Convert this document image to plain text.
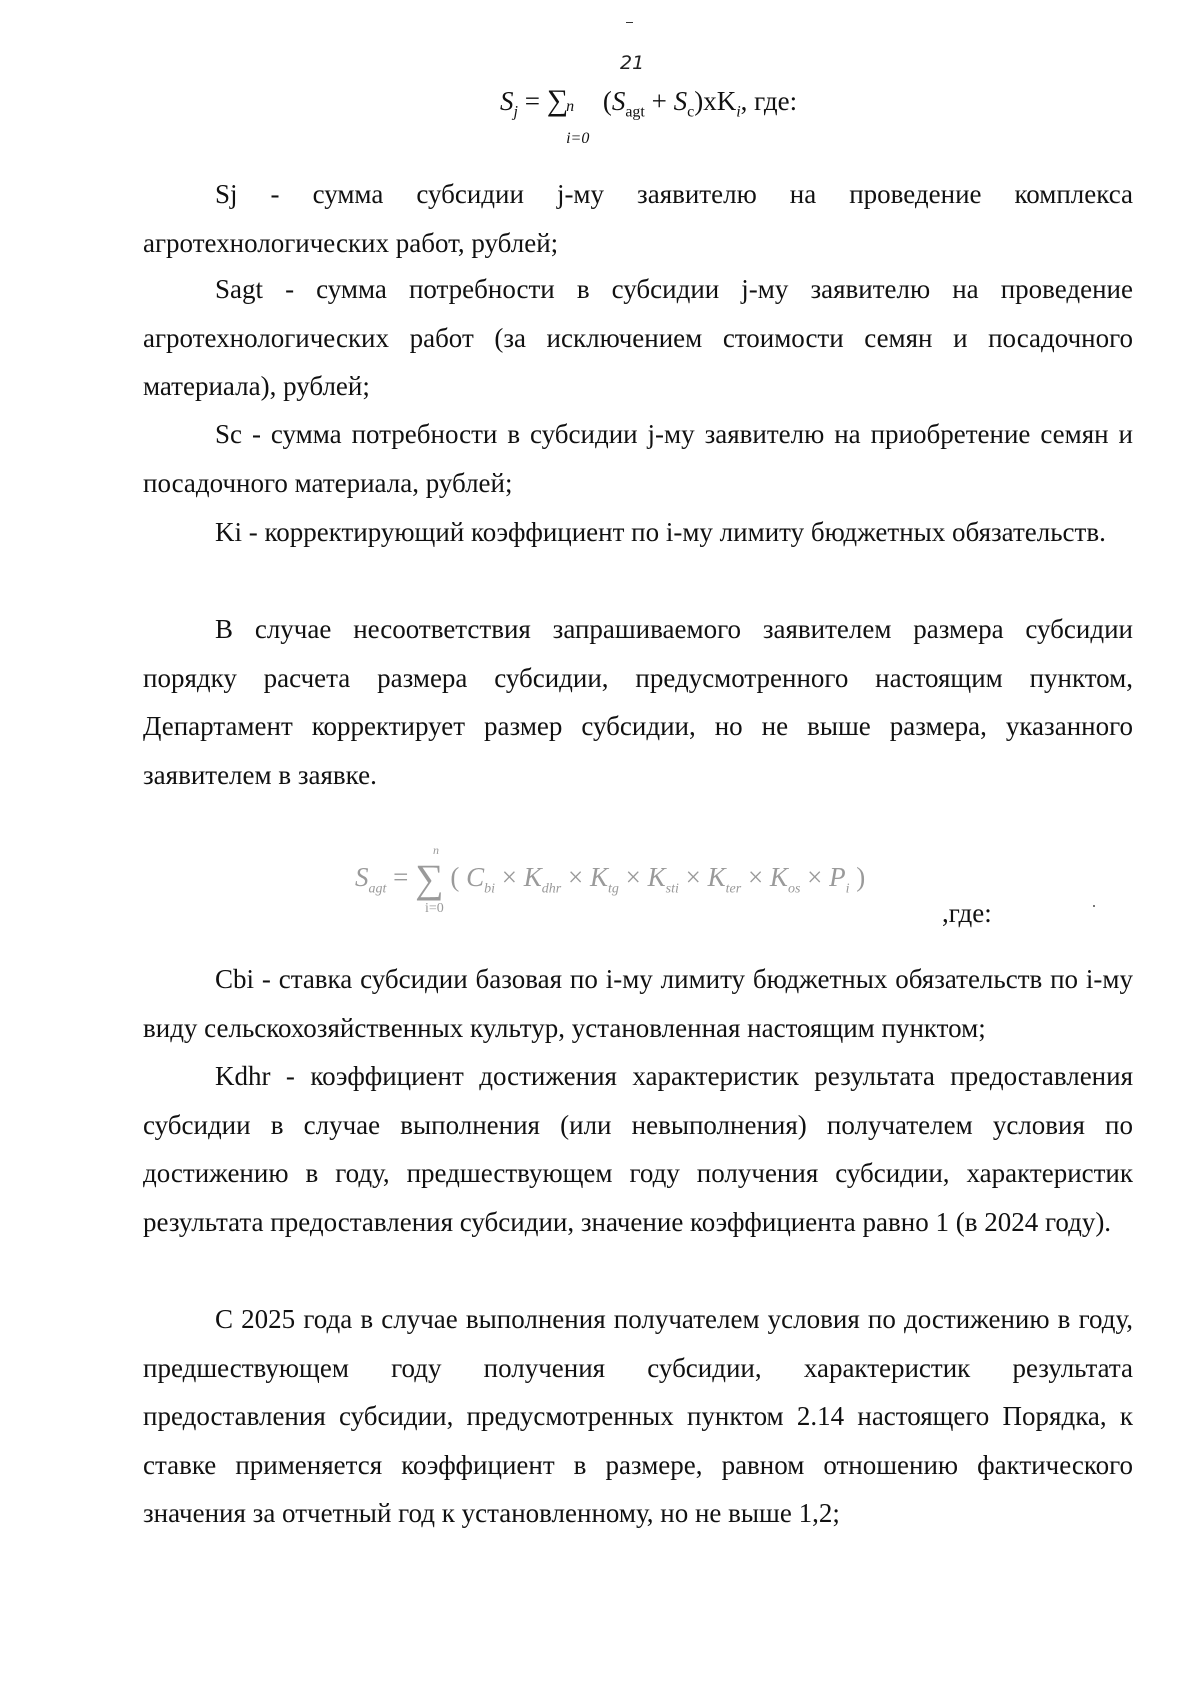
21
$S_j$ = ∑
n
i=0
$(S_{agt} + S_c)xK_i$, где:

Sj - сумма субсидии j-му заявителю на проведение комплекса агротехнологических работ, рублей;

Sagt - сумма потребности в субсидии j-му заявителю на проведение агротехнологических работ (за исключением стоимости семян и посадочного материала), рублей;

Sc - сумма потребности в субсидии j-му заявителю на приобретение семян и посадочного материала, рублей;

Ki - корректирующий коэффициент по i-му лимиту бюджетных обязательств.

В случае несоответствия запрашиваемого заявителем размера субсидии порядку расчета размера субсидии, предусмотренного настоящим пунктом, Департамент корректирует размер субсидии, но не выше размера, указанного заявителем в заявке.

$S_{agt}$ = ∑
n
i=0
( $C_{bi} \times K_{dhr} \times K_{tg} \times K_{sti} \times K_{ter} \times K_{os} \times P_i$ )
,где:

Cbi - ставка субсидии базовая по i-му лимиту бюджетных обязательств по i-му виду сельскохозяйственных культур, установленная настоящим пунктом;

Kdhr - коэффициент достижения характеристик результата предоставления субсидии в случае выполнения (или невыполнения) получателем условия по достижению в году, предшествующем году получения субсидии, характеристик результата предоставления субсидии, значение коэффициента равно 1 (в 2024 году).

С 2025 года в случае выполнения получателем условия по достижению в году, предшествующем году получения субсидии, характеристик результата предоставления субсидии, предусмотренных пунктом 2.14 настоящего Порядка, к ставке применяется коэффициент в размере, равном отношению фактического значения за отчетный год к установленному, но не выше 1,2;
